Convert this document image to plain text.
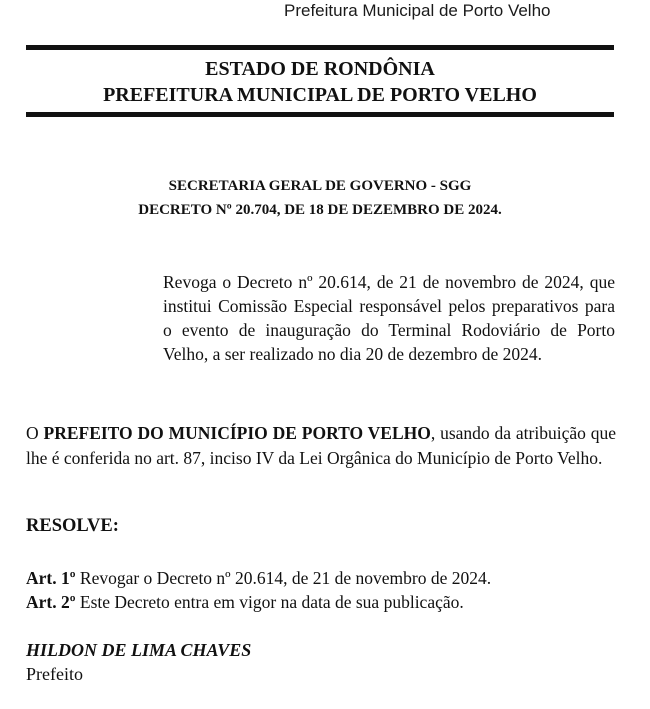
Prefeitura Municipal de Porto Velho
ESTADO DE RONDÔNIA
PREFEITURA MUNICIPAL DE PORTO VELHO
SECRETARIA GERAL DE GOVERNO - SGG
DECRETO Nº 20.704, DE 18 DE DEZEMBRO DE 2024.
Revoga o Decreto nº 20.614, de 21 de novembro de 2024, que institui Comissão Especial responsável pelos preparativos para o evento de inauguração do Terminal Rodoviário de Porto Velho, a ser realizado no dia 20 de dezembro de 2024.
O PREFEITO DO MUNICÍPIO DE PORTO VELHO, usando da atribuição que lhe é conferida no art. 87, inciso IV da Lei Orgânica do Município de Porto Velho.
RESOLVE:
Art. 1º Revogar o Decreto nº 20.614, de 21 de novembro de 2024.
Art. 2º Este Decreto entra em vigor na data de sua publicação.
HILDON DE LIMA CHAVES
Prefeito
